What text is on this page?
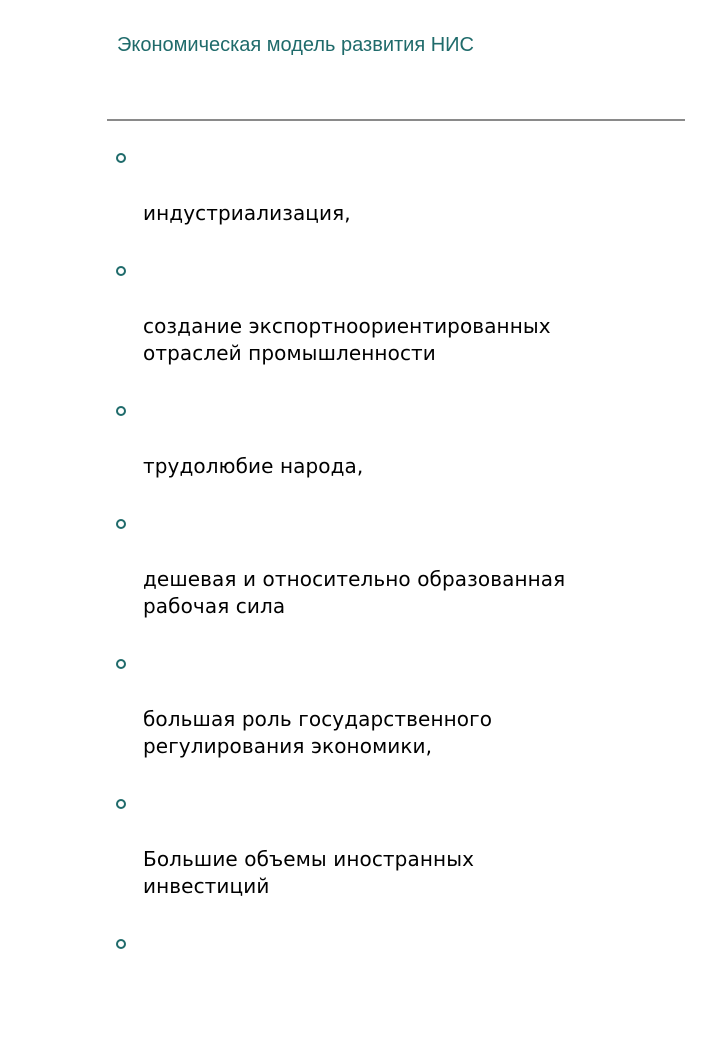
Экономическая модель развития НИС

индустриализация,

создание экспортноориентированных
отраслей промышленности

трудолюбие народа,

дешевая и относительно образованная
рабочая сила

большая роль государственного
регулирования экономики,

Большие объемы иностранных
инвестиций
